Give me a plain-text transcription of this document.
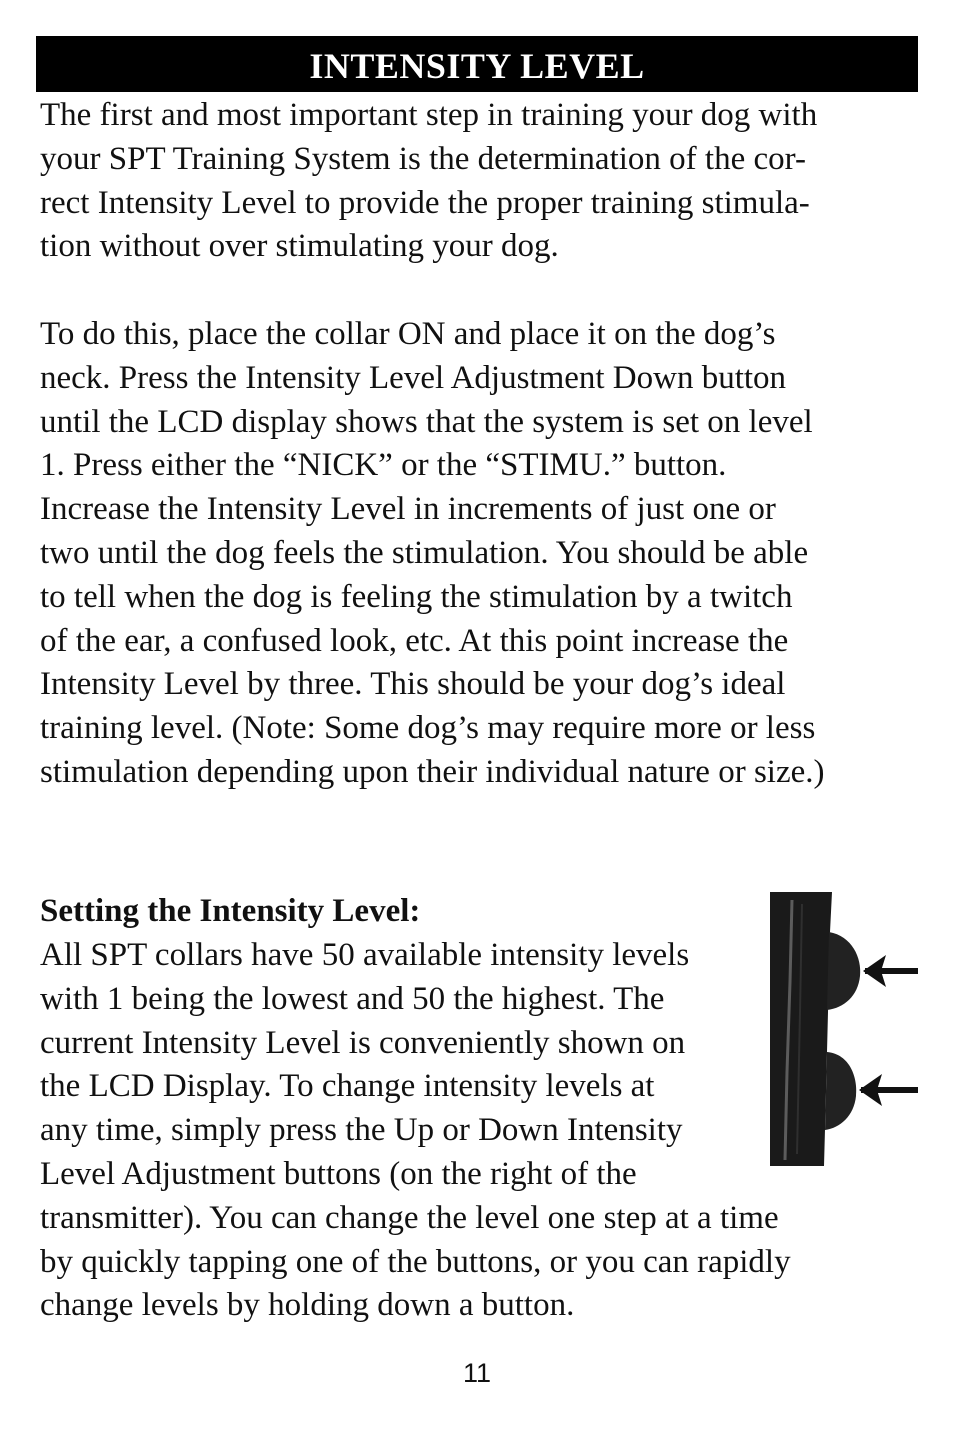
INTENSITY LEVEL

The first and most important step in training your dog with
your SPT Training System is the determination of the cor-
rect Intensity Level to provide the proper training stimula-
tion without over stimulating your dog.

To do this, place the collar ON and place it on the dog’s
neck. Press the Intensity Level Adjustment Down button
until the LCD display shows that the system is set on level
1. Press either the “NICK” or the “STIMU.” button.
Increase the Intensity Level in increments of just one or
two until the dog feels the stimulation. You should be able
to tell when the dog is feeling the stimulation by a twitch
of the ear, a confused look, etc. At this point increase the
Intensity Level by three. This should be your dog’s ideal
training level. (Note: Some dog’s may require more or less
stimulation depending upon their individual nature or size.)

Setting the Intensity Level:

All SPT collars have 50 available intensity levels
with 1 being the lowest and 50 the highest. The
current Intensity Level is conveniently shown on
the LCD Display. To change intensity levels at
any time, simply press the Up or Down Intensity
Level Adjustment buttons (on the right of the
transmitter). You can change the level one step at a time
by quickly tapping one of the buttons, or you can rapidly
change levels by holding down a button.

11
